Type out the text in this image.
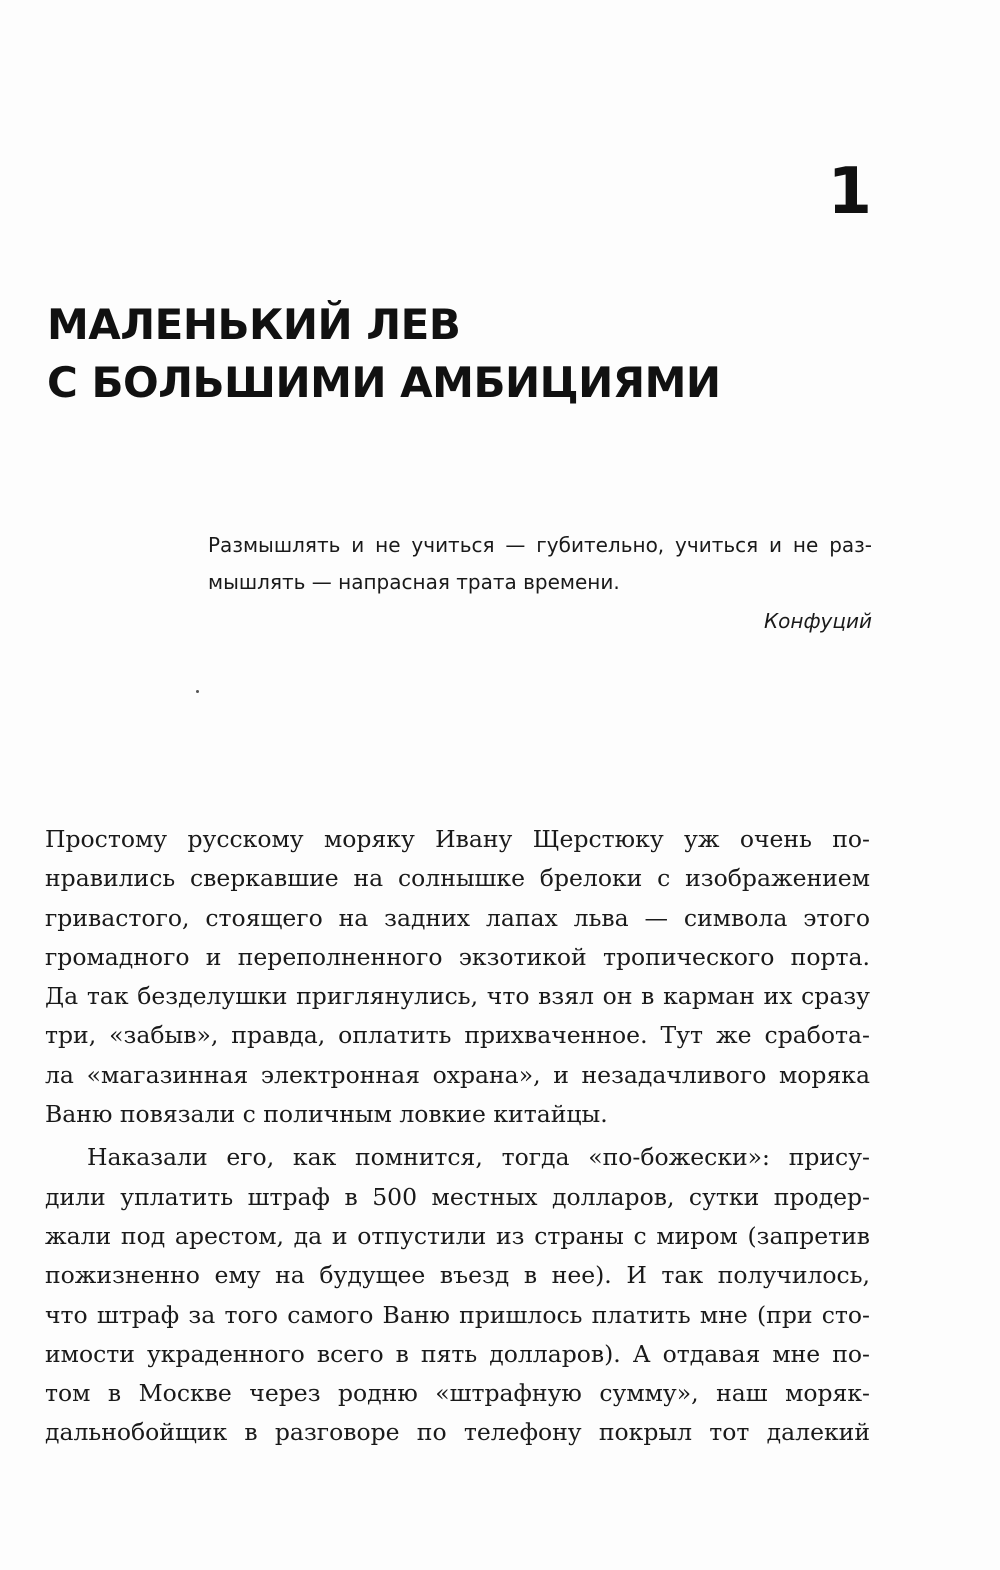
1
МАЛЕНЬКИЙ ЛЕВ
С БОЛЬШИМИ АМБИЦИЯМИ
Размышлять и не учиться — губительно, учиться и не раз-
мышлять — напрасная трата времени.
Конфуций
Простому русскому моряку Ивану Щерстюку уж очень по-
нравились сверкавшие на солнышке брелоки с изображением
гривастого, стоящего на задних лапах льва — символа этого
громадного и переполненного экзотикой тропического порта.
Да так безделушки приглянулись, что взял он в карман их сразу
три, «забыв», правда, оплатить прихваченное. Тут же сработа-
ла «магазинная электронная охрана», и незадачливого моряка
Ваню повязали с поличным ловкие китайцы.
Наказали его, как помнится, тогда «по-божески»: прису-
дили уплатить штраф в 500 местных долларов, сутки продер-
жали под арестом, да и отпустили из страны с миром (запретив
пожизненно ему на будущее въезд в нее). И так получилось,
что штраф за того самого Ваню пришлось платить мне (при сто-
имости украденного всего в пять долларов). А отдавая мне по-
том в Москве через родню «штрафную сумму», наш моряк-
дальнобойщик в разговоре по телефону покрыл тот далекий
